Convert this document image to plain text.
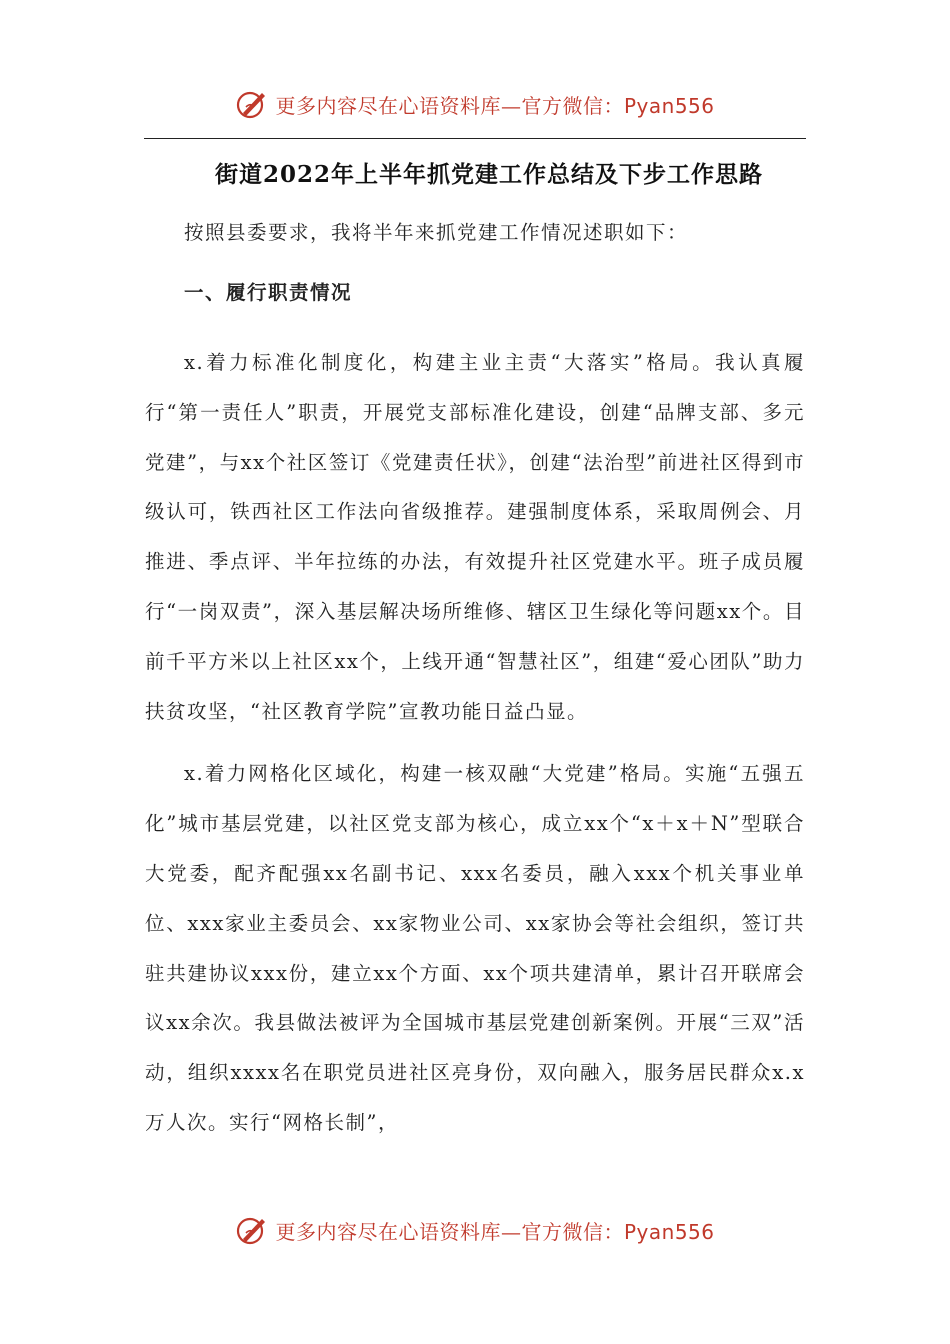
更多内容尽在心语资料库—官方微信：Pyan556
街道2022年上半年抓党建工作总结及下步工作思路

按照县委要求，我将半年来抓党建工作情况述职如下：

一、履行职责情况

x.着力标准化制度化，构建主业主责“大落实”格局。我认真履行“第一责任人”职责，开展党支部标准化建设，创建“品牌支部、多元党建”，与xx个社区签订《党建责任状》，创建“法治型”前进社区得到市级认可，铁西社区工作法向省级推荐。建强制度体系，采取周例会、月推进、季点评、半年拉练的办法，有效提升社区党建水平。班子成员履行“一岗双责”，深入基层解决场所维修、辖区卫生绿化等问题xx个。目前千平方米以上社区xx个，上线开通“智慧社区”，组建“爱心团队”助力扶贫攻坚，“社区教育学院”宣教功能日益凸显。

x.着力网格化区域化，构建一核双融“大党建”格局。实施“五强五化”城市基层党建，以社区党支部为核心，成立xx个“x＋x＋N”型联合大党委，配齐配强xx名副书记、xxx名委员，融入xxx个机关事业单位、xxx家业主委员会、xx家物业公司、xx家协会等社会组织，签订共驻共建协议xxx份，建立xx个方面、xx个项共建清单，累计召开联席会议xx余次。我县做法被评为全国城市基层党建创新案例。开展“三双”活动，组织xxxx名在职党员进社区亮身份，双向融入，服务居民群众x.x万人次。实行“网格长制”，

更多内容尽在心语资料库—官方微信：Pyan556
